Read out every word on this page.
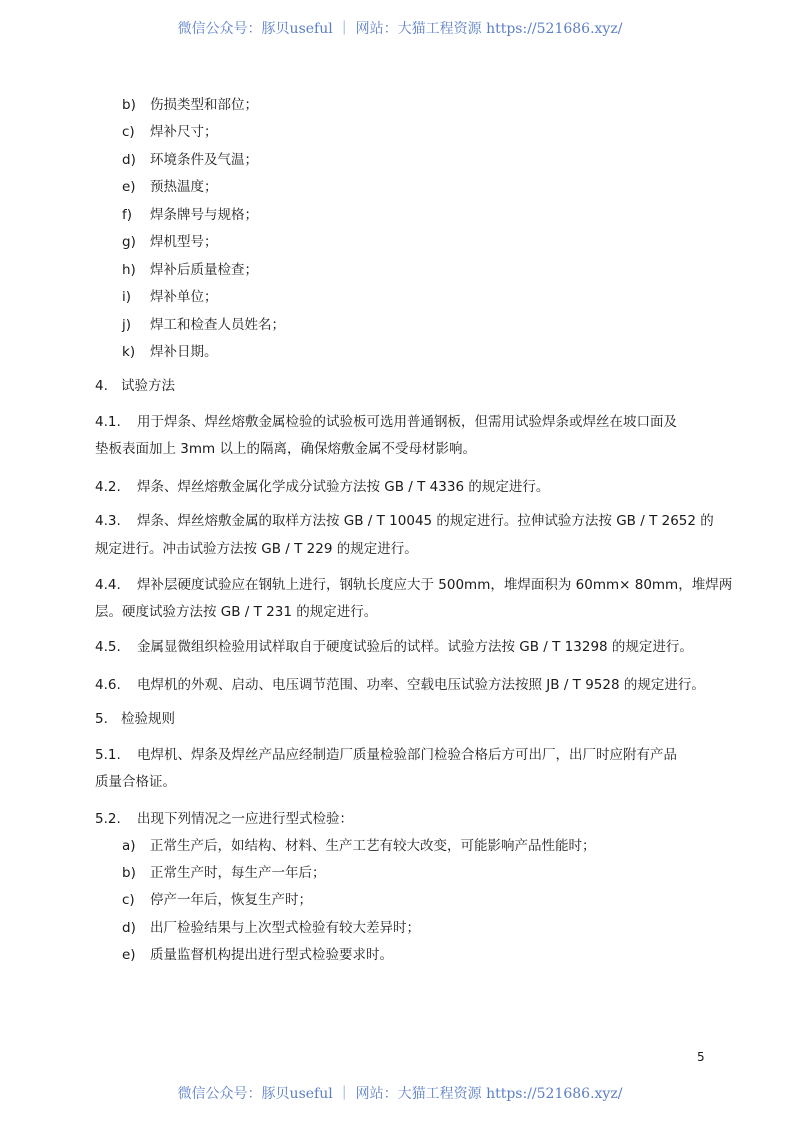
微信公众号：豚贝useful ｜ 网站：大猫工程资源 https://521686.xyz/
b) 伤损类型和部位；
c) 焊补尺寸；
d) 环境条件及气温；
e) 预热温度；
f) 焊条牌号与规格；
g) 焊机型号；
h) 焊补后质量检查；
i) 焊补单位；
j) 焊工和检查人员姓名；
k) 焊补日期。
4. 试验方法
4.1. 用于焊条、焊丝熔敷金属检验的试验板可选用普通钢板，但需用试验焊条或焊丝在坡口面及
垫板表面加上 3mm 以上的隔离，确保熔敷金属不受母材影响。
4.2. 焊条、焊丝熔敷金属化学成分试验方法按 GB / T 4336 的规定进行。
4.3. 焊条、焊丝熔敷金属的取样方法按 GB / T 10045 的规定进行。拉伸试验方法按 GB / T 2652 的
规定进行。冲击试验方法按 GB / T 229 的规定进行。
4.4. 焊补层硬度试验应在钢轨上进行，钢轨长度应大于 500mm，堆焊面积为 60mm× 80mm，堆焊两
层。硬度试验方法按 GB / T 231 的规定进行。
4.5. 金属显微组织检验用试样取自于硬度试验后的试样。试验方法按 GB / T 13298 的规定进行。
4.6. 电焊机的外观、启动、电压调节范围、功率、空载电压试验方法按照 JB / T 9528 的规定进行。
5. 检验规则
5.1. 电焊机、焊条及焊丝产品应经制造厂质量检验部门检验合格后方可出厂，出厂时应附有产品
质量合格证。
5.2. 出现下列情况之一应进行型式检验：
a) 正常生产后，如结构、材料、生产工艺有较大改变，可能影响产品性能时；
b) 正常生产时，每生产一年后；
c) 停产一年后，恢复生产时；
d) 出厂检验结果与上次型式检验有较大差异时；
e) 质量监督机构提出进行型式检验要求时。
5
微信公众号：豚贝useful ｜ 网站：大猫工程资源 https://521686.xyz/
